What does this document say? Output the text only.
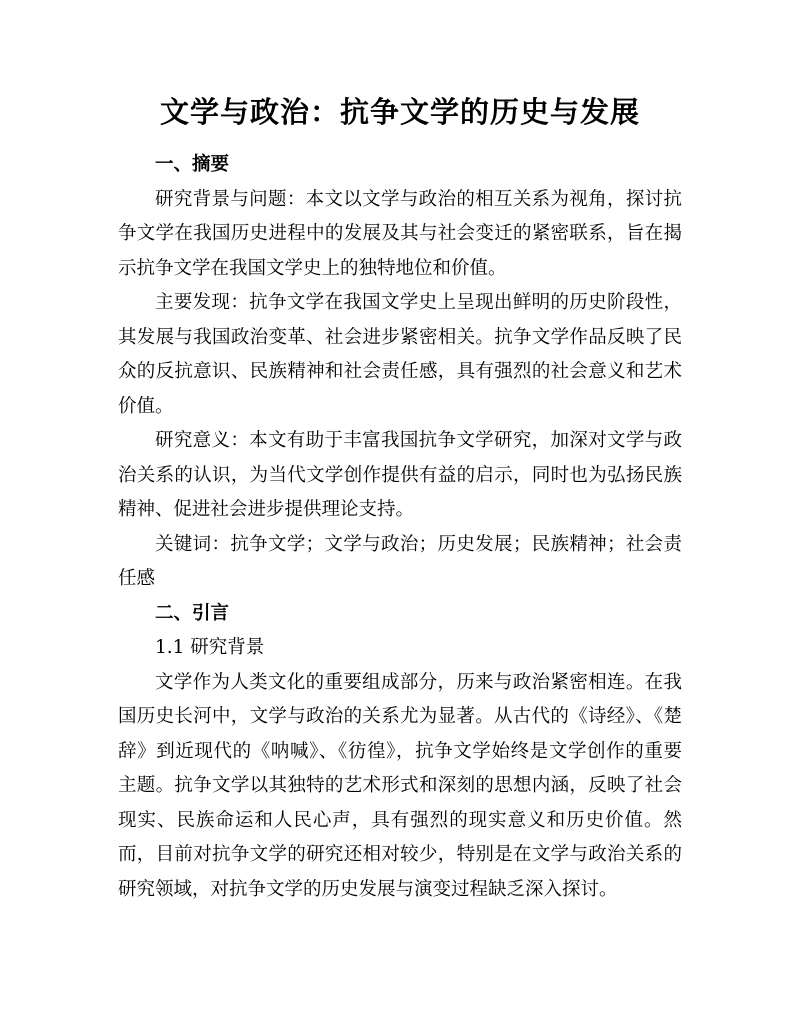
文学与政治：抗争文学的历史与发展

一、摘要

研究背景与问题：本文以文学与政治的相互关系为视角，探讨抗争文学在我国历史进程中的发展及其与社会变迁的紧密联系，旨在揭示抗争文学在我国文学史上的独特地位和价值。

主要发现：抗争文学在我国文学史上呈现出鲜明的历史阶段性，其发展与我国政治变革、社会进步紧密相关。抗争文学作品反映了民众的反抗意识、民族精神和社会责任感，具有强烈的社会意义和艺术价值。

研究意义：本文有助于丰富我国抗争文学研究，加深对文学与政治关系的认识，为当代文学创作提供有益的启示，同时也为弘扬民族精神、促进社会进步提供理论支持。

关键词：抗争文学；文学与政治；历史发展；民族精神；社会责任感

二、引言

1.1 研究背景

文学作为人类文化的重要组成部分，历来与政治紧密相连。在我国历史长河中，文学与政治的关系尤为显著。从古代的《诗经》、《楚辞》到近现代的《呐喊》、《彷徨》，抗争文学始终是文学创作的重要主题。抗争文学以其独特的艺术形式和深刻的思想内涵，反映了社会现实、民族命运和人民心声，具有强烈的现实意义和历史价值。然而，目前对抗争文学的研究还相对较少，特别是在文学与政治关系的研究领域，对抗争文学的历史发展与演变过程缺乏深入探讨。
